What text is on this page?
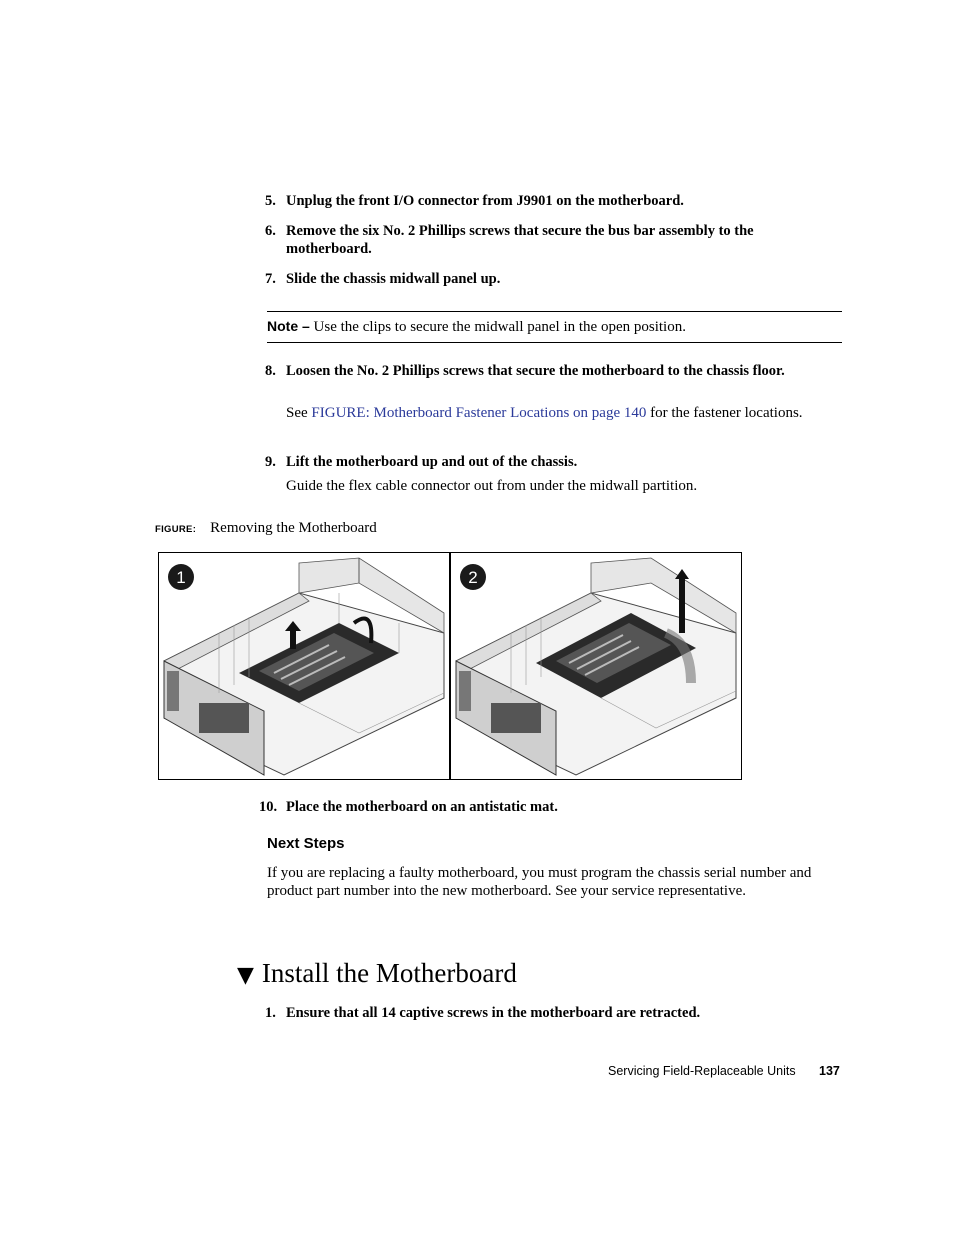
5. Unplug the front I/O connector from J9901 on the motherboard.
6. Remove the six No. 2 Phillips screws that secure the bus bar assembly to the motherboard.
7. Slide the chassis midwall panel up.
Note – Use the clips to secure the midwall panel in the open position.
8. Loosen the No. 2 Phillips screws that secure the motherboard to the chassis floor.
See FIGURE: Motherboard Fastener Locations on page 140 for the fastener locations.
9. Lift the motherboard up and out of the chassis.
Guide the flex cable connector out from under the midwall partition.
FIGURE: Removing the Motherboard
1	2
10. Place the motherboard on an antistatic mat.
Next Steps
If you are replacing a faulty motherboard, you must program the chassis serial number and product part number into the new motherboard. See your service representative.
▼ Install the Motherboard
1. Ensure that all 14 captive screws in the motherboard are retracted.
Servicing Field-Replaceable Units 137
